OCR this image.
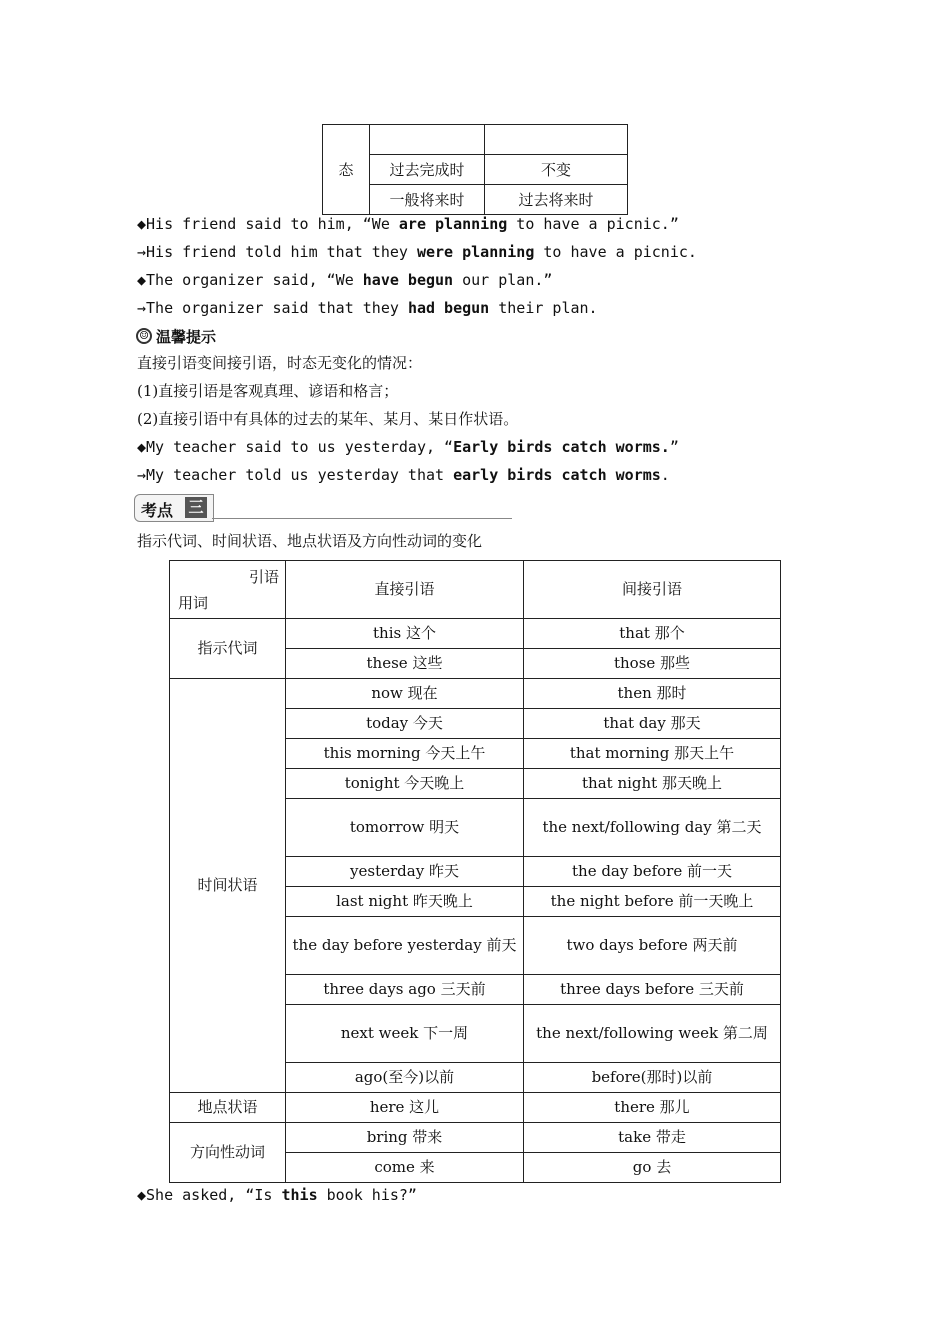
态		
	过去完成时	不变
	一般将来时	过去将来时
◆His friend said to him, “We are planning to have a picnic.”
→His friend told him that they were planning to have a picnic.
◆The organizer said, “We have begun our plan.”
→The organizer said that they had begun their plan.
☺ 温馨提示
直接引语变间接引语，时态无变化的情况：
(1)直接引语是客观真理、谚语和格言；
(2)直接引语中有具体的过去的某年、某月、某日作状语。
◆My teacher said to us yesterday, “Early birds catch worms.”
→My teacher told us yesterday that early birds catch worms.
考点 三
指示代词、时间状语、地点状语及方向性动词的变化
引语
用词	直接引语	间接引语
指示代词	this 这个	that 那个
	these 这些	those 那些
时间状语	now 现在	then 那时
	today 今天	that day 那天
	this morning 今天上午	that morning 那天上午
	tonight 今天晚上	that night 那天晚上
	tomorrow 明天	the next/following day 第二天
	yesterday 昨天	the day before 前一天
	last night 昨天晚上	the night before 前一天晚上
	the day before yesterday 前天	two days before 两天前
	three days ago 三天前	three days before 三天前
	next week 下一周	the next/following week 第二周
	ago(至今)以前	before(那时)以前
地点状语	here 这儿	there 那儿
方向性动词	bring 带来	take 带走
	come 来	go 去
◆She asked, “Is this book his?”
